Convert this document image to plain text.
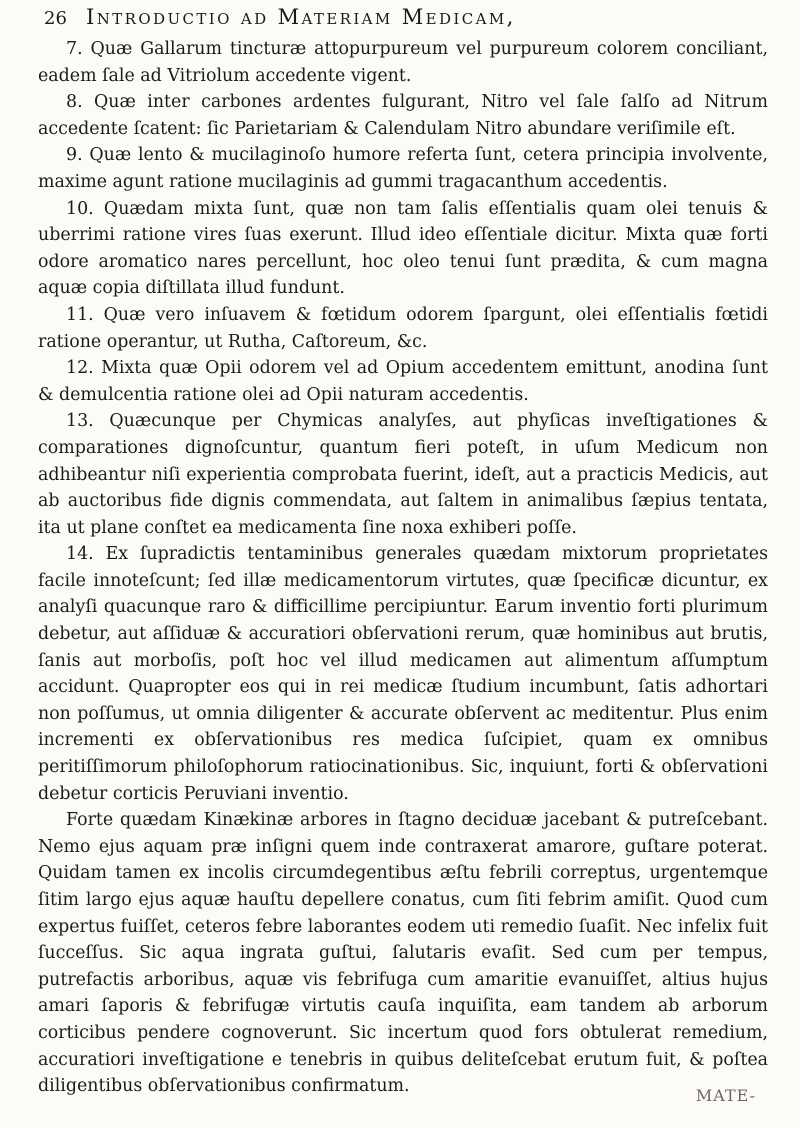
26 Introductio ad Materiam Medicam,

7. Quæ Gallarum tincturæ attopurpureum vel purpureum colorem conciliant, eadem ſale ad Vitriolum accedente vigent.

8. Quæ inter carbones ardentes fulgurant, Nitro vel ſale ſalſo ad Nitrum accedente ſcatent: ſic Parietariam & Calendulam Nitro abundare veriſimile eſt.

9. Quæ lento & mucilaginoſo humore referta ſunt, cetera principia involvente, maxime agunt ratione mucilaginis ad gummi tragacanthum accedentis.

10. Quædam mixta ſunt, quæ non tam ſalis eſſentialis quam olei tenuis & uberrimi ratione vires ſuas exerunt. Illud ideo eſſentiale dicitur. Mixta quæ forti odore aromatico nares percellunt, hoc oleo tenui ſunt prædita, & cum magna aquæ copia diſtillata illud fundunt.

11. Quæ vero inſuavem & fœtidum odorem ſpargunt, olei eſſentialis fœtidi ratione operantur, ut Rutha, Caſtoreum, &c.

12. Mixta quæ Opii odorem vel ad Opium accedentem emittunt, anodina ſunt & demulcentia ratione olei ad Opii naturam accedentis.

13. Quæcunque per Chymicas analyſes, aut phyſicas inveſtigationes & comparationes dignoſcuntur, quantum fieri poteſt, in uſum Medicum non adhibeantur niſi experientia comprobata fuerint, ideſt, aut a practicis Medicis, aut ab auctoribus fide dignis commendata, aut ſaltem in animalibus ſæpius tentata, ita ut plane conſtet ea medicamenta ſine noxa exhiberi poſſe.

14. Ex ſupradictis tentaminibus generales quædam mixtorum proprietates facile innoteſcunt; ſed illæ medicamentorum virtutes, quæ ſpecificæ dicuntur, ex analyſi quacunque raro & difficillime percipiuntur. Earum inventio forti plurimum debetur, aut aſſiduæ & accuratiori obſervationi rerum, quæ hominibus aut brutis, ſanis aut morboſis, poſt hoc vel illud medicamen aut alimentum aſſumptum accidunt. Quapropter eos qui in rei medicæ ſtudium incumbunt, ſatis adhortari non poſſumus, ut omnia diligenter & accurate obſervent ac meditentur. Plus enim incrementi ex obſervationibus res medica ſuſcipiet, quam ex omnibus peritiſſimorum philoſophorum ratiocinationibus. Sic, inquiunt, forti & obſervationi debetur corticis Peruviani inventio.

Forte quædam Kinækinæ arbores in ſtagno deciduæ jacebant & putreſcebant. Nemo ejus aquam præ inſigni quem inde contraxerat amarore, guſtare poterat. Quidam tamen ex incolis circumdegentibus æſtu febrili correptus, urgentemque ſitim largo ejus aquæ hauſtu depellere conatus, cum ſiti febrim amiſit. Quod cum expertus fuiſſet, ceteros febre laborantes eodem uti remedio ſuaſit. Nec infelix fuit ſucceſſus. Sic aqua ingrata guſtui, ſalutaris evaſit. Sed cum per tempus, putrefactis arboribus, aquæ vis febrifuga cum amaritie evanuiſſet, altius hujus amari ſaporis & febrifugæ virtutis cauſa inquiſita, eam tandem ab arborum corticibus pendere cognoverunt. Sic incertum quod fors obtulerat remedium, accuratiori inveſtigatione e tenebris in quibus delitеſcebat erutum fuit, & poſtea diligentibus obſervationibus confirmatum.	MATE-
